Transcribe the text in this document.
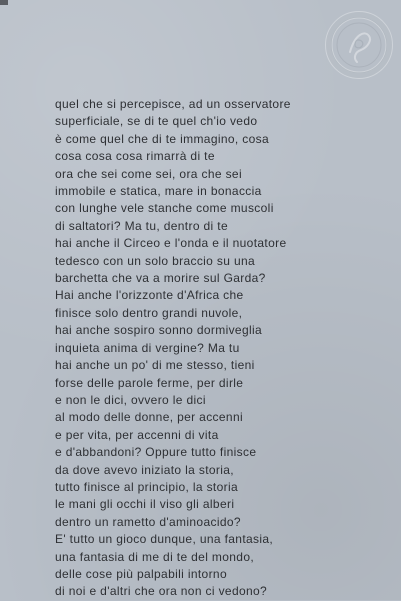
quel che si percepisce, ad un osservatore
superficiale, se di te quel ch'io vedo
è come quel che di te immagino, cosa
cosa cosa cosa rimarrà di te
ora che sei come sei, ora che sei
immobile e statica, mare in bonaccia
con lunghe vele stanche come muscoli
di saltatori? Ma tu, dentro di te
hai anche il Circeo e l'onda e il nuotatore
tedesco con un solo braccio su una
barchetta che va a morire sul Garda?
Hai anche l'orizzonte d'Africa che
finisce solo dentro grandi nuvole,
hai anche sospiro sonno dormiveglia
inquieta anima di vergine? Ma tu
hai anche un po' di me stesso, tieni
forse delle parole ferme, per dirle
e non le dici, ovvero le dici
al modo delle donne, per accenni
e per vita, per accenni di vita
e d'abbandoni? Oppure tutto finisce
da dove avevo iniziato la storia,
tutto finisce al principio, la storia
le mani gli occhi il viso gli alberi
dentro un rametto d'aminoacido?
E' tutto un gioco dunque, una fantasia,
una fantasia di me di te del mondo,
delle cose più palpabili intorno
di noi e d'altri che ora non ci vedono?
